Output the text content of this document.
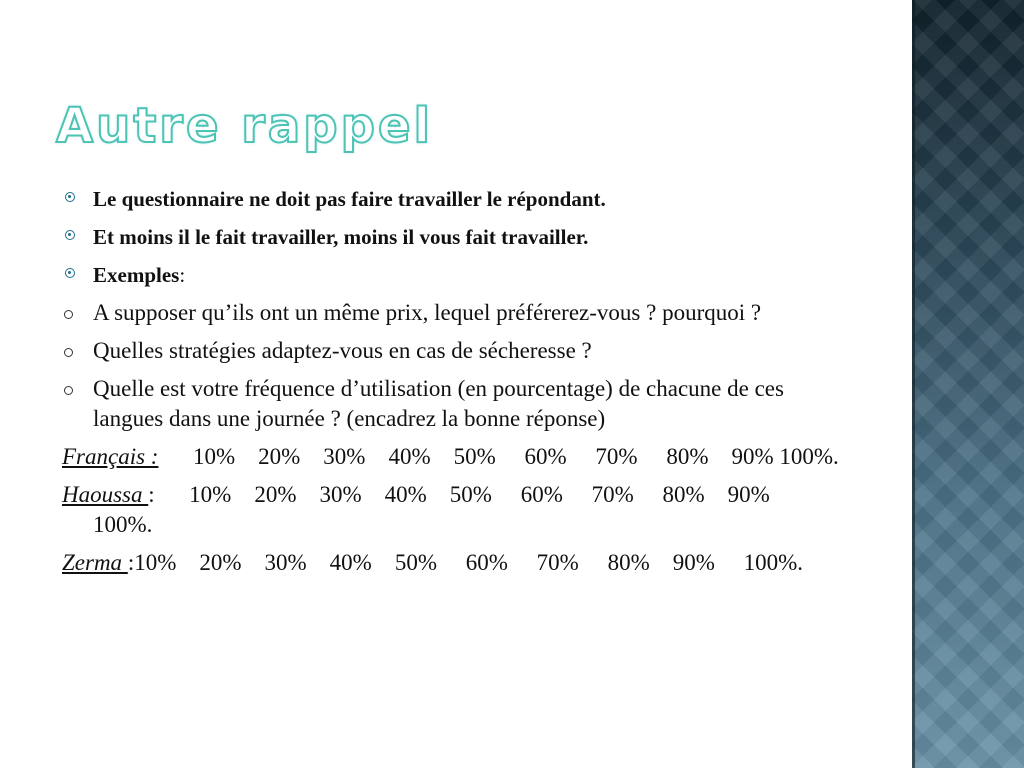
Autre rappel
Le questionnaire ne doit pas faire travailler le répondant.
Et moins il le fait travailler, moins il vous fait travailler.
Exemples:
A supposer qu’ils ont un même prix, lequel préférerez-vous ? pourquoi ?
Quelles stratégies adaptez-vous en cas de sécheresse ?
Quelle est votre fréquence d’utilisation (en pourcentage) de chacune de ces langues dans une journée ? (encadrez la bonne réponse)
Français :      10%    20%    30%    40%    50%     60%     70%     80%    90% 100%.
Haoussa :      10%    20%    30%    40%    50%     60%     70%     80%    90%     100%.
Zerma :10%    20%    30%    40%    50%     60%     70%     80%    90%     100%.
